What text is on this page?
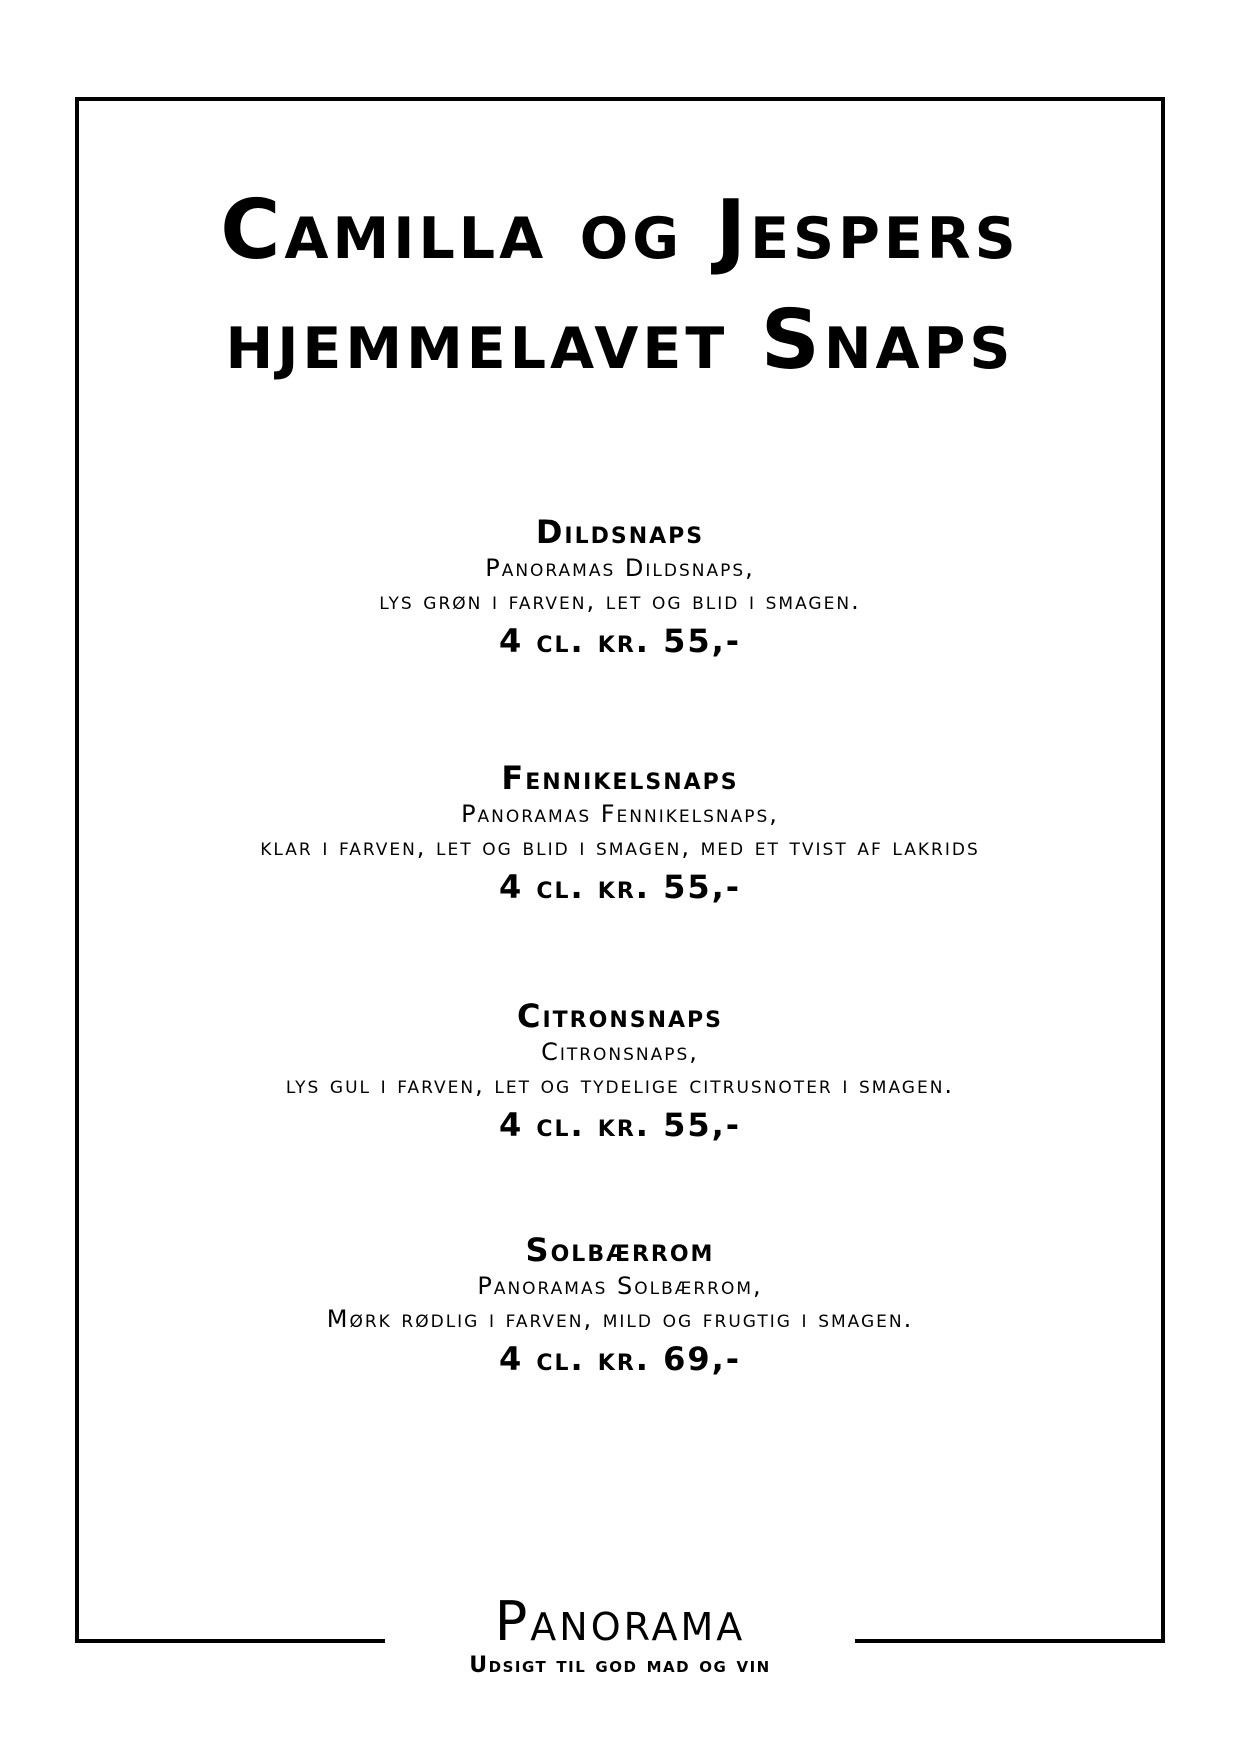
Camilla og Jespers
hjemmelavet Snaps
Dildsnaps
Panoramas Dildsnaps,
lys grøn i farven, let og blid i smagen.
4 cl. kr. 55,-
Fennikelsnaps
Panoramas Fennikelsnaps,
klar i farven, let og blid i smagen, med et tvist af lakrids
4 cl. kr. 55,-
Citronsnaps
Citronsnaps,
lys gul i farven, let og tydelige citrusnoter i smagen.
4 cl. kr. 55,-
Solbærrom
Panoramas Solbærrom,
Mørk rødlig i farven, mild og frugtig i smagen.
4 cl. kr. 69,-
Panorama
Udsigt til god mad og vin
